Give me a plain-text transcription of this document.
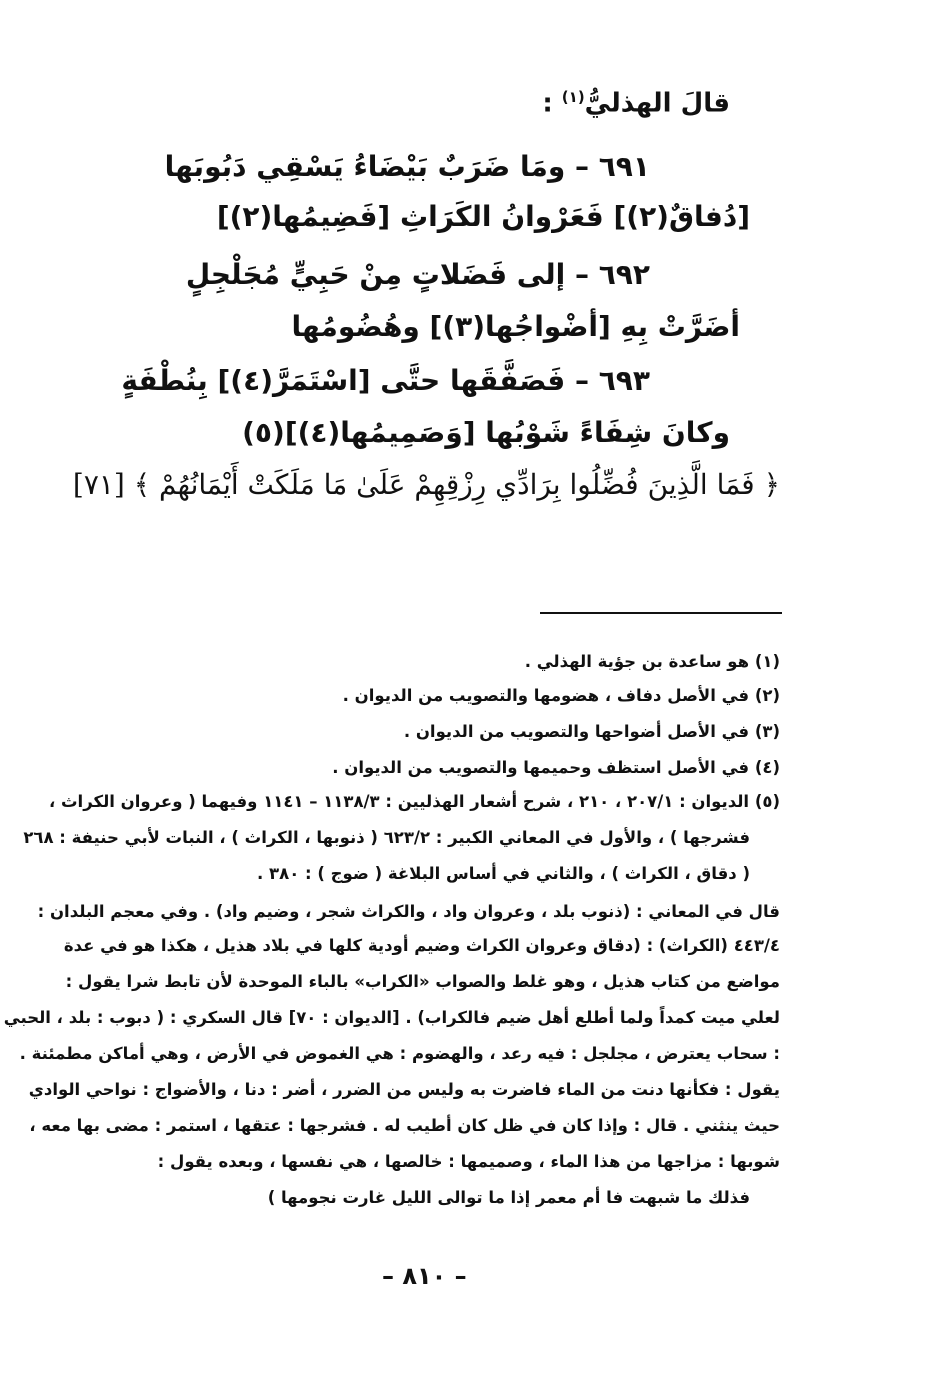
قالَ الهذليُّ$^{(١)}$ :
٦٩١ – ومَا ضَرَبٌ بَيْضَاءُ يَسْقِي دَبُوبَها
[دُفاقٌ(٢)] فَعَرْوانُ الكَرَاثِ [فَضِيمُها(٢)]
٦٩٢ – إلى فَضَلاتٍ مِنْ حَبِيٍّ مُجَلْجِلٍ
أضَرَّتْ بِهِ [أضْواجُها(٣)] وهُضُومُها
٦٩٣ – فَصَفَّقَها حتَّى [اسْتَمَرَّ(٤)] بِنُطْفَةٍ
وكانَ شِفَاءً شَوْبُها [وَصَمِيمُها(٤)](٥)
﴿ فَمَا الَّذِينَ فُضِّلُوا بِرَادِّي رِزْقِهِمْ عَلَىٰ مَا مَلَكَتْ أَيْمَانُهُمْ ﴾ [٧١]
(١) هو ساعدة بن جؤية الهذلي .
(٢) في الأصل دفاف ، هضومها والتصويب من الديوان .
(٣) في الأصل أضواحها والتصويب من الديوان .
(٤) في الأصل استظف وحميمها والتصويب من الديوان .
(٥) الديوان : ٢٠٧/١ ، ٢١٠ ، شرح أشعار الهذليين : ١١٣٨/٣ – ١١٤١ وفيهما ( وعروان الكراث ،
فشرجها ) ، والأول في المعاني الكبير : ٦٢٣/٢ ( ذنوبها ، الكراث ) ، النبات لأبي حنيفة : ٢٦٨
( دقاق ، الكراث ) ، والثاني في أساس البلاغة ( ضوج ) : ٣٨٠ .
قال في المعاني : (ذنوب بلد ، وعروان واد ، والكراث شجر ، وضيم واد) . وفي معجم البلدان :
٤٤٣/٤ (الكراث) : (دقاق وعروان الكراث وضيم أودية كلها في بلاد هذيل ، هكذا هو في عدة
مواضع من كتاب هذيل ، وهو غلط والصواب «الكراب» بالباء الموحدة لأن تابط شرا يقول :
لعلي ميت كمداً ولما أطلع أهل ضيم فالكراب) . [الديوان : ٧٠] قال السكري : ( دبوب : بلد ، الحبي
: سحاب يعترض ، مجلجل : فيه رعد ، والهضوم : هي الغموض في الأرض ، وهي أماكن مطمئنة .
يقول : فكأنها دنت من الماء فاضرت به وليس من الضرر ، أضر : دنا ، والأضواج : نواحي الوادي
حيث ينثني . قال : وإذا كان في ظل كان أطيب له . فشرجها : عتقها ، استمر : مضى بها معه ،
شوبها : مزاجها من هذا الماء ، وصميمها : خالصها ، هي نفسها ، وبعده يقول :
فذلك ما شبهت فا أم معمر إذا ما توالى الليل غارت نجومها )
– ٨١٠ –
